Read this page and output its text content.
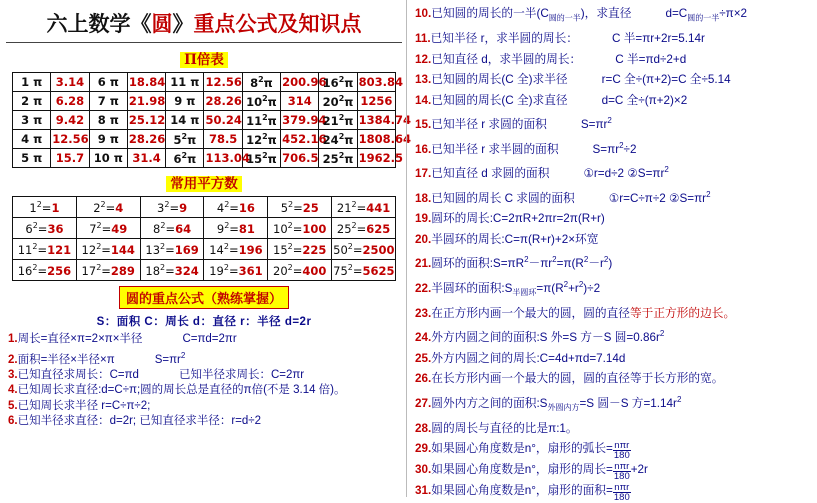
六上数学《圆》重点公式及知识点
Π倍表
1 π	3.14	6 π	18.84	11 π	12.56	$8^2\pi$	200.96	$16^2\pi$	803.84
2 π	6.28	7 π	21.98	9 π	28.26	$10^2\pi$	314	$20^2\pi$	1256
3 π	9.42	8 π	25.12	14 π	50.24	$11^2\pi$	379.94	$21^2\pi$	1384.74
4 π	12.56	9 π	28.26	$5^2\pi$	78.5	$12^2\pi$	452.16	$24^2\pi$	1808.64
5 π	15.7	10 π	31.4	$6^2\pi$	113.04	$15^2\pi$	706.5	$25^2\pi$	1962.5
常用平方数
$1^2=1$	$2^2=4$	$3^2=9$	$4^2=16$	$5^2=25$	$21^2=441$
$6^2=36$	$7^2=49$	$8^2=64$	$9^2=81$	$10^2=100$	$25^2=625$
$11^2=121$	$12^2=144$	$13^2=169$	$14^2=196$	$15^2=225$	$50^2=2500$
$16^2=256$	$17^2=289$	$18^2=324$	$19^2=361$	$20^2=400$	$75^2=5625$
圆的重点公式（熟练掌握）
S：面积 C：周长 d：直径 r：半径 d=2r
1.周长=直径×π=2×π×半径	C=πd=2πr
2.面积=半径×半径×π	$S=\pi r^2$
3.已知直径求周长：C=πd	已知半径求周长：C=2πr
4.已知周长求直径:d=C÷π;圆的周长总是直径的π倍(不是 3.14 倍)。
5.已知周长求半径 r=C÷π÷2;
6.已知半径求直径：d=2r; 已知直径求半径：r=d÷2
10.已知圆的周长的一半$(C_{圆的一半})$，求直径	$d=C_{圆的一半}\div\pi\times 2$
11.已知半径 r，求半圆的周长：	C 半=πr+2r=5.14r
12.已知直径 d，求半圆的周长：	C 半=πd÷2+d
13.已知圆的周长(C 全)求半径	r=C 全÷(π+2)=C 全÷5.14
14.已知圆的周长(C 全)求直径	d=C 全÷(π+2)×2
15.已知半径 r 求圆的面积	$S=\pi r^2$
16.已知半径 r 求半圆的面积	$S=\pi r^2\div 2$
17.已知直径 d 求圆的面积	①r=d÷2 $②S=\pi r^2$
18.已知圆的周长 C 求圆的面积	①r=C÷π÷2 $②S=\pi r^2$
19.圆环的周长:C=2πR+2πr=2π(R+r)
20.半圆环的周长:C=π(R+r)+2×环宽
21.圆环的面积$:S=\pi R^2-\pi r^2=\pi(R^2-r^2)$
22.半圆环的面积$:S_{半圆环}=\pi(R^2+r^2)\div 2$
23.在正方形内画一个最大的圆，圆的直径等于正方形的边长。
24.外方内圆之间的面积:S 外=S 方－S 圆$=0.86r^2$
25.外方内圆之间的周长:C=4d+πd=7.14d
26.在长方形内画一个最大的圆，圆的直径等于长方形的宽。
27.圆外内方之间的面积$:S_{外圆内方}=S$ 圆－S 方$=1.14r^2$
28.圆的周长与直径的比是π:1。
29.如果圆心角度数是n°，扇形的弧长= $\frac{\text{nπr}}{180}$
30.如果圆心角度数是n°，扇形的周长= $\frac{\text{nπr}}{180} +2r$
31.如果圆心角度数是n°，扇形的面积= $\frac{\text{nπr}}{180}$
